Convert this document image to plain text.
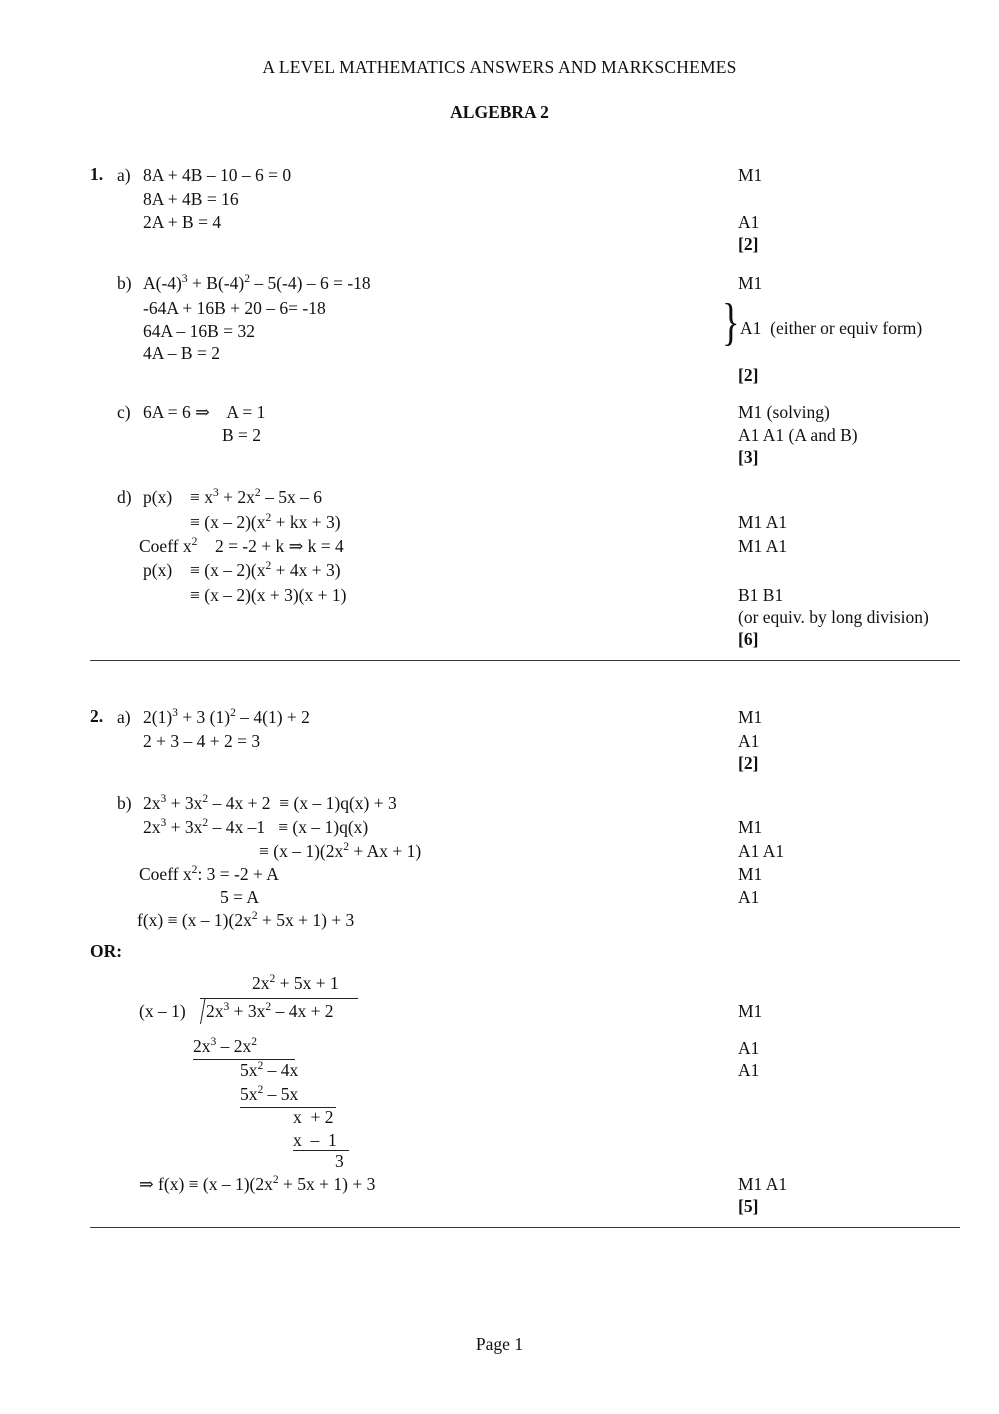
A LEVEL MATHEMATICS ANSWERS AND MARKSCHEMES
ALGEBRA 2
1. a) 8A + 4B – 10 – 6 = 0
8A + 4B = 16
2A + B = 4
M1
A1
[2]
b) $A(-4)^3 + B(-4)^2 - 5(-4) - 6 = -18$
-64A + 16B + 20 – 6= -18
64A – 16B = 32
4A – B = 2
M1
} A1  (either or equiv form)
[2]
c) 6A = 6 ⇒    A = 1
B = 2
M1 (solving)
A1 A1 (A and B)
[3]
d) $p(x) \equiv x^3 + 2x^2 - 5x - 6$
≡ $(x - 2)(x^2$ + kx + 3)
Coeff $x^2$    2 = -2 + k ⇒ k = 4
$p(x) \equiv (x - 2)(x^2 + 4x + 3)$
≡ (x – 2)(x + 3)(x + 1)
M1 A1
M1 A1
B1 B1
(or equiv. by long division)
[6]
2. a) $2(1)^3 + 3$ $(1)^2 - 4(1) + 2$
2 + 3 – 4 + 2 = 3
M1
A1
[2]
b) $2x^3 + 3x^2 - 4x + 2 \equiv (x - 1)q(x) + 3$
$2x^3 + 3x^2 - 4x$ –1   ≡ (x – 1)q(x)
≡ $(x - 1)(2x^2 + Ax + 1)$
Coeff $x^2$: 3 = -2 + A
5 = A
$f(x) \equiv (x - 1)(2x^2 + 5x + 1) + 3$
M1
A1 A1
M1
A1
OR:
$2x^2 + 5x + 1$
(x – 1) $2x^3 + 3x^2 - 4x + 2$
$2x^3 - 2x^2$
$5x^2 - 4x$
$5x^2 - 5x$
x  + 2
x  –  1
3
⇒ $f(x) \equiv (x - 1)(2x^2 + 5x + 1) + 3$
M1
A1
A1
M1 A1
[5]
Page 1
